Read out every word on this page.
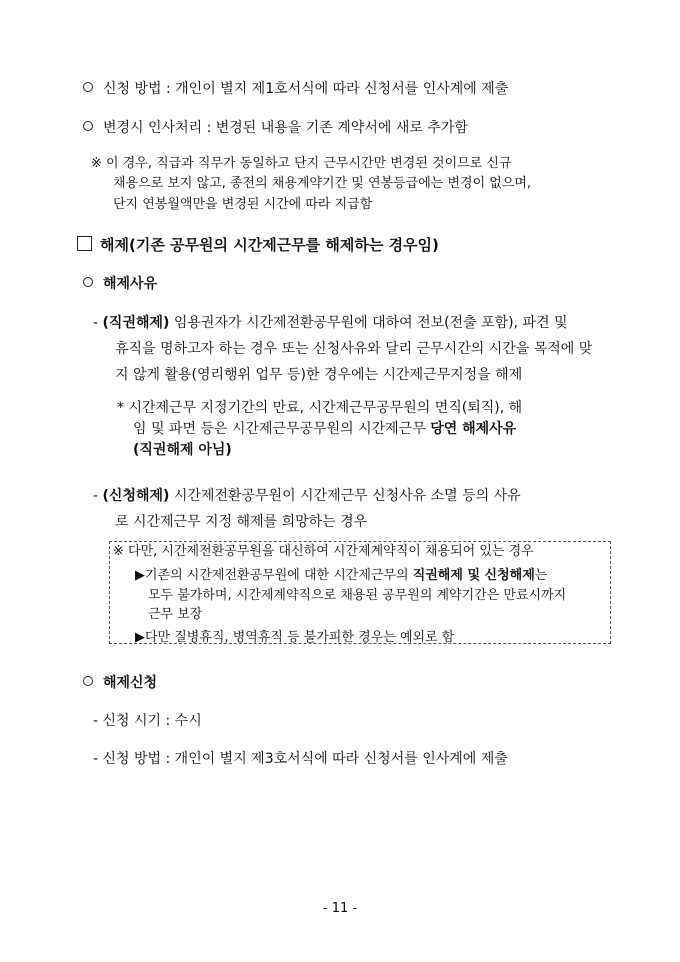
신청 방법 : 개인이 별지 제1호서식에 따라 신청서를 인사계에 제출
변경시 인사처리 : 변경된 내용을 기존 계약서에 새로 추가함
※ 이 경우, 직급과 직무가 동일하고 단지 근무시간만 변경된 것이므로 신규
채용으로 보지 않고, 종전의 채용계약기간 및 연봉등급에는 변경이 없으며,
단지 연봉월액만을 변경된 시간에 따라 지급함
해제(기존 공무원의 시간제근무를 해제하는 경우임)
해제사유
- (직권해제) 임용권자가 시간제전환공무원에 대하여 전보(전출 포함), 파견 및
휴직을 명하고자 하는 경우 또는 신청사유와 달리 근무시간의 시간을 목적에 맞
지 않게 활용(영리행위 업무 등)한 경우에는 시간제근무지정을 해제
* 시간제근무 지정기간의 만료, 시간제근무공무원의 면직(퇴직), 해
임 및 파면 등은 시간제근무공무원의 시간제근무 당연 해제사유
(직권해제 아님)
- (신청해제) 시간제전환공무원이 시간제근무 신청사유 소멸 등의 사유
로 시간제근무 지정 해제를 희망하는 경우
※ 다만, 시간제전환공무원을 대신하여 시간제계약직이 채용되어 있는 경우
▶기존의 시간제전환공무원에 대한 시간제근무의 직권해제 및 신청해제는
모두 불가하며, 시간제계약직으로 채용된 공무원의 계약기간은 만료시까지
근무 보장
▶다만 질병휴직, 병역휴직 등 불가피한 경우는 예외로 함
해제신청
- 신청 시기 : 수시
- 신청 방법 : 개인이 별지 제3호서식에 따라 신청서를 인사계에 제출
- 11 -
